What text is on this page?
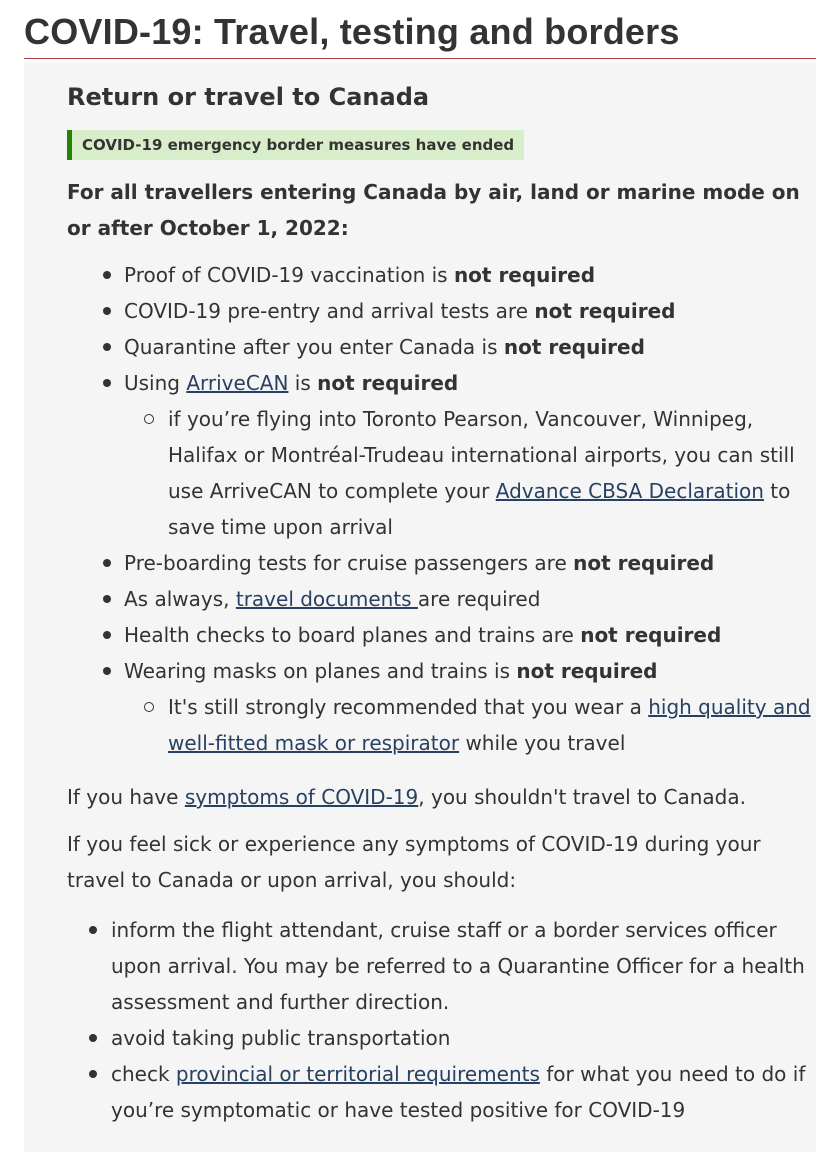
COVID-19: Travel, testing and borders
Return or travel to Canada
COVID-19 emergency border measures have ended

For all travellers entering Canada by air, land or marine mode on or after October 1, 2022:

Proof of COVID-19 vaccination is not required
COVID-19 pre-entry and arrival tests are not required
Quarantine after you enter Canada is not required
Using ArriveCAN is not required
if you’re flying into Toronto Pearson, Vancouver, Winnipeg, Halifax or Montréal-Trudeau international airports, you can still use ArriveCAN to complete your Advance CBSA Declaration to save time upon arrival
Pre-boarding tests for cruise passengers are not required
As always, travel documents are required
Health checks to board planes and trains are not required
Wearing masks on planes and trains is not required
It's still strongly recommended that you wear a high quality and well-fitted mask or respirator while you travel

If you have symptoms of COVID-19, you shouldn't travel to Canada.

If you feel sick or experience any symptoms of COVID-19 during your travel to Canada or upon arrival, you should:

inform the flight attendant, cruise staff or a border services officer upon arrival. You may be referred to a Quarantine Officer for a health assessment and further direction.
avoid taking public transportation
check provincial or territorial requirements for what you need to do if you’re symptomatic or have tested positive for COVID-19
